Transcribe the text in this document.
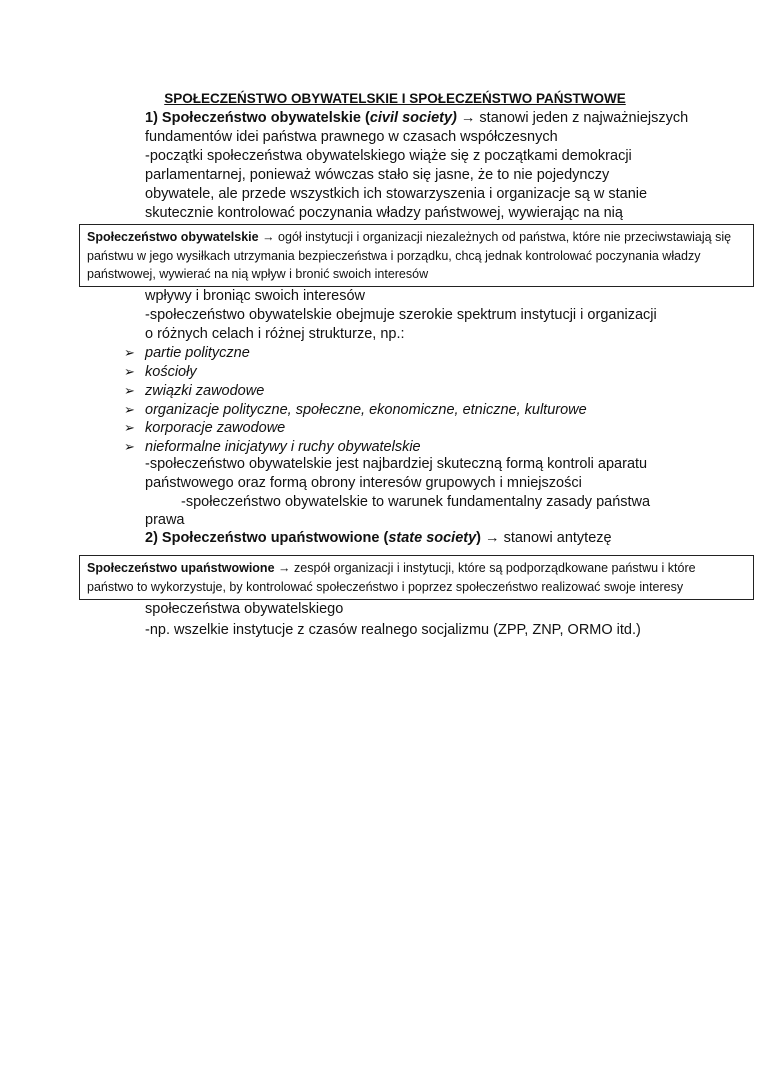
SPOŁECZEŃSTWO OBYWATELSKIE I SPOŁECZEŃSTWO PAŃSTWOWE
1) Społeczeństwo obywatelskie (civil society) → stanowi jeden z najważniejszych
fundamentów idei państwa prawnego w czasach współczesnych
-początki społeczeństwa obywatelskiego wiąże się z początkami demokracji
parlamentarnej, ponieważ wówczas stało się jasne, że to nie pojedynczy
obywatele, ale przede wszystkich ich stowarzyszenia i organizacje są w stanie
skutecznie kontrolować poczynania władzy państwowej, wywierając na nią
Społeczeństwo obywatelskie → ogół instytucji i organizacji niezależnych od państwa, które nie przeciwstawiają się
państwu w jego wysiłkach utrzymania bezpieczeństwa i porządku, chcą jednak kontrolować poczynania władzy
państwowej, wywierać na nią wpływ i bronić swoich interesów
wpływy i broniąc swoich interesów
-społeczeństwo obywatelskie obejmuje szerokie spektrum instytucji i organizacji
o różnych celach i różnej strukturze, np.:
➢ partie polityczne
➢ kościoły
➢ związki zawodowe
➢ organizacje polityczne, społeczne, ekonomiczne, etniczne, kulturowe
➢ korporacje zawodowe
➢ nieformalne inicjatywy i ruchy obywatelskie
-społeczeństwo obywatelskie jest najbardziej skuteczną formą kontroli aparatu
państwowego oraz formą obrony interesów grupowych i mniejszości
-społeczeństwo obywatelskie to warunek fundamentalny zasady państwa
prawa
2) Społeczeństwo upaństwowione (state society) → stanowi antytezę
Społeczeństwo upaństwowione → zespół organizacji i instytucji, które są podporządkowane państwu i które
państwo to wykorzystuje, by kontrolować społeczeństwo i poprzez społeczeństwo realizować swoje interesy
społeczeństwa obywatelskiego
-np. wszelkie instytucje z czasów realnego socjalizmu (ZPP, ZNP, ORMO itd.)
